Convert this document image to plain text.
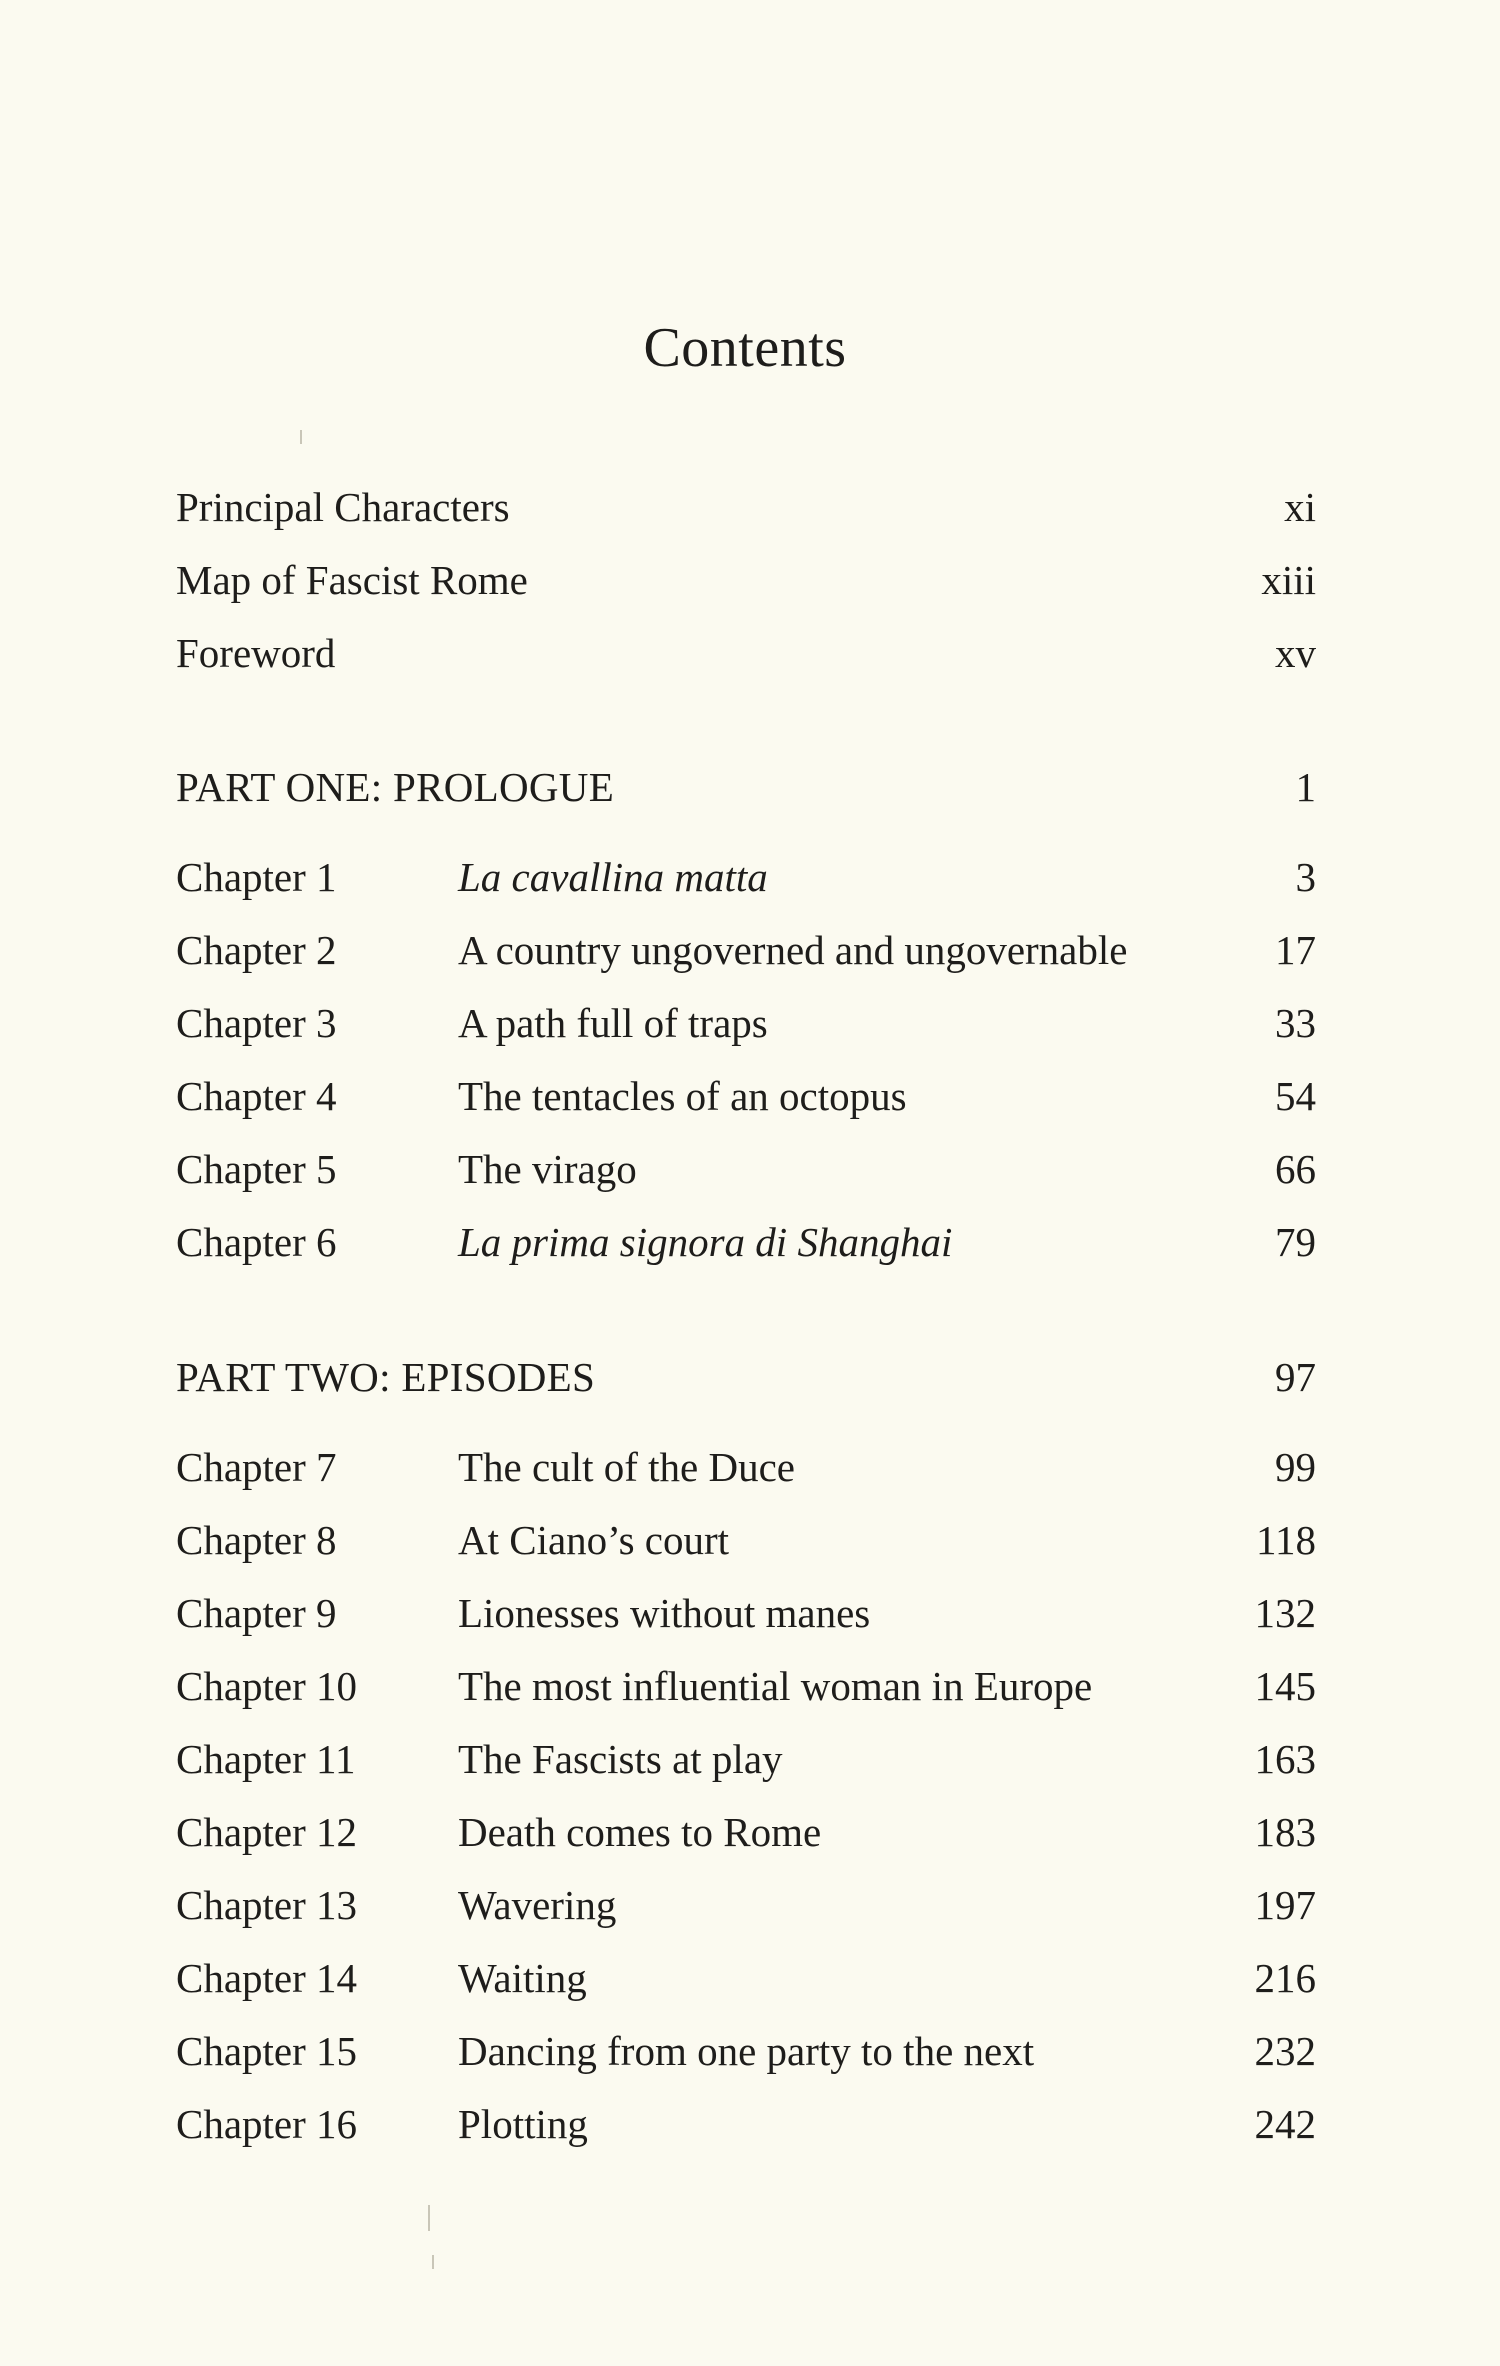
Contents
Principal Characters	xi
Map of Fascist Rome	xiii
Foreword	xv
PART ONE: PROLOGUE	1
Chapter 1	La cavallina matta	3
Chapter 2	A country ungoverned and ungovernable	17
Chapter 3	A path full of traps	33
Chapter 4	The tentacles of an octopus	54
Chapter 5	The virago	66
Chapter 6	La prima signora di Shanghai	79
PART TWO: EPISODES	97
Chapter 7	The cult of the Duce	99
Chapter 8	At Ciano’s court	118
Chapter 9	Lionesses without manes	132
Chapter 10 The most influential woman in Europe	145
Chapter 11 The Fascists at play	163
Chapter 12 Death comes to Rome	183
Chapter 13 Wavering	197
Chapter 14 Waiting	216
Chapter 15 Dancing from one party to the next	232
Chapter 16 Plotting	242
